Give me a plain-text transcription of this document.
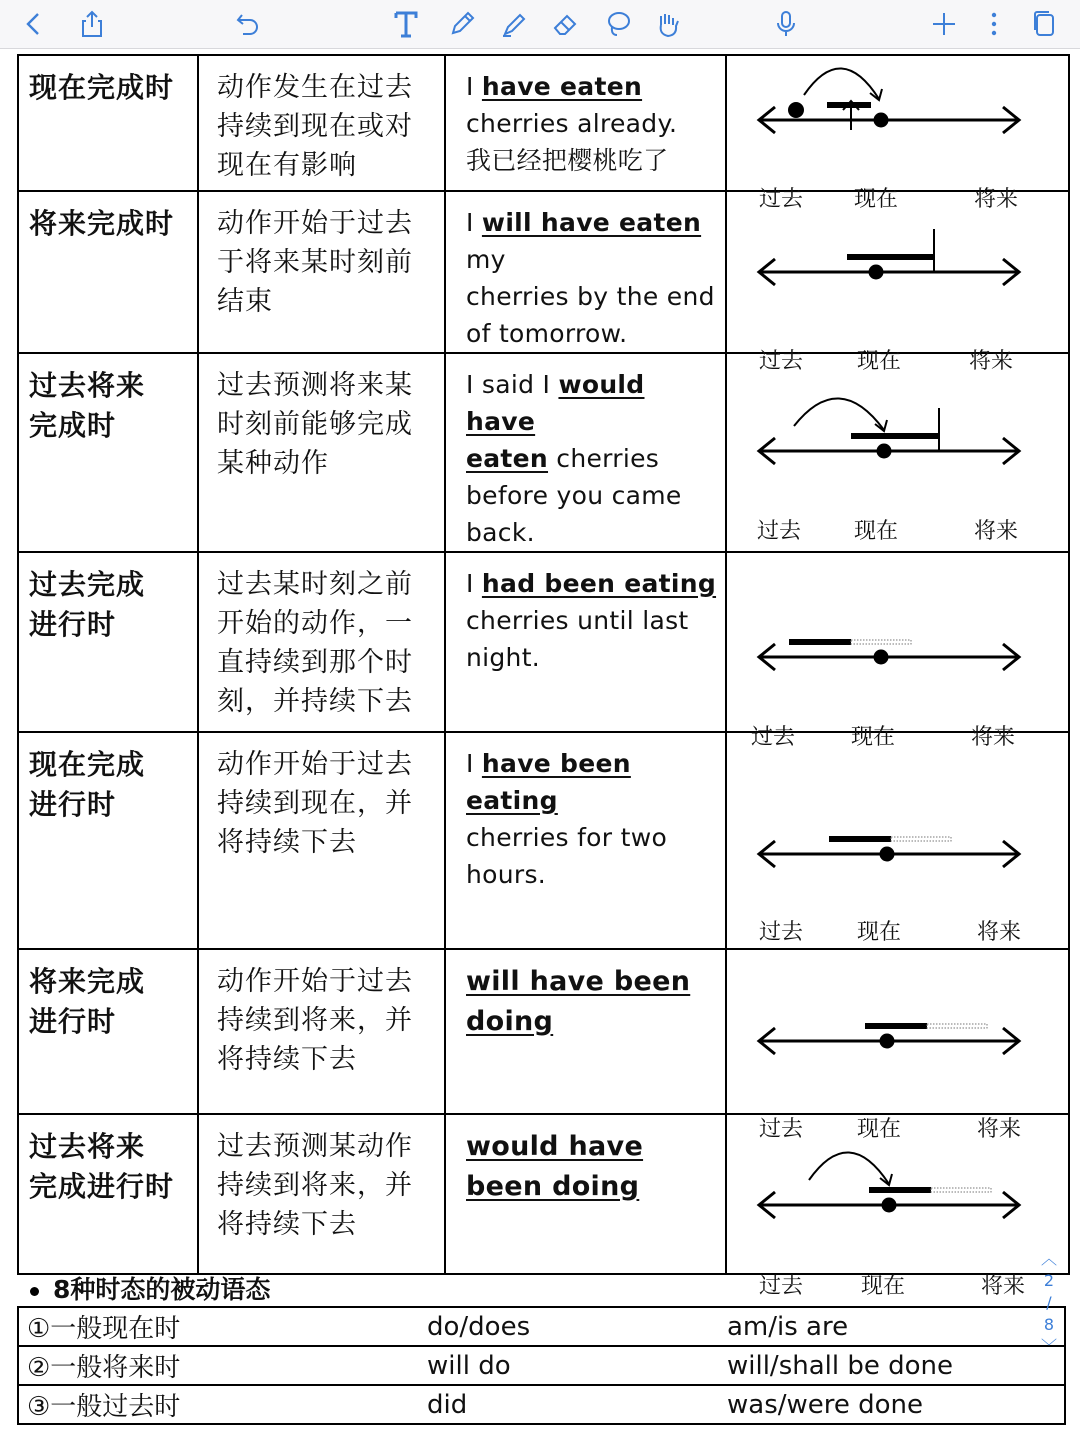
现在完成时	动作发生在过去
持续到现在或对
现在有影响	I have eaten
cherries already.
我已经把樱桃吃了	过去 现在 将来

将来完成时	动作开始于过去
于将来某时刻前
结束	I will have eaten my
cherries by the end
of tomorrow.	过去 现在 将来

过去将来
完成时	过去预测将来某
时刻前能够完成
某种动作	I said I would have
eaten cherries
before you came
back.	过去 现在 将来

过去完成
进行时	过去某时刻之前
开始的动作，一
直持续到那个时
刻，并持续下去	I had been eating
cherries until last
night.	过去 现在 将来

现在完成
进行时	动作开始于过去
持续到现在，并
将持续下去	I have been eating
cherries for two
hours.	过去 现在 将来

将来完成
进行时	动作开始于过去
持续到将来，并
将持续下去	will have been
doing	过去 现在 将来

过去将来
完成进行时	过去预测某动作
持续到将来，并
将持续下去	would have
been doing	过去 现在 将来
8种时态的被动语态
①一般现在时	do/does	am/is are
②一般将来时	will do	will/shall be done
③一般过去时	did	was/were done
︿
2
/
8
﹀
